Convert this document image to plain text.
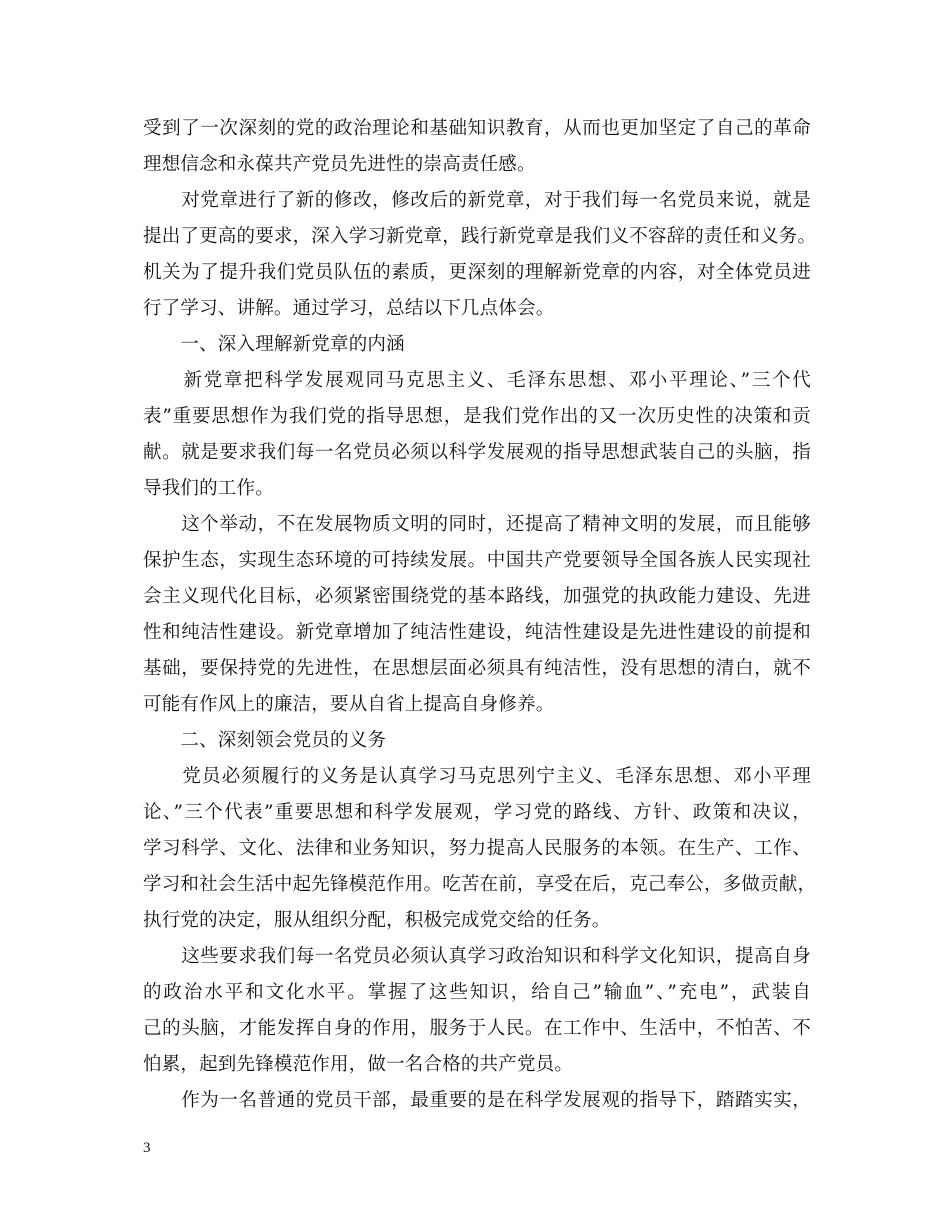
受到了一次深刻的党的政治理论和基础知识教育，从而也更加坚定了自己的革命
理想信念和永葆共产党员先进性的崇高责任感。
　　对党章进行了新的修改，修改后的新党章，对于我们每一名党员来说，就是
提出了更高的要求，深入学习新党章，践行新党章是我们义不容辞的责任和义务。
机关为了提升我们党员队伍的素质，更深刻的理解新党章的内容，对全体党员进
行了学习、讲解。通过学习，总结以下几点体会。
　　一、深入理解新党章的内涵
　　新党章把科学发展观同马克思主义、毛泽东思想、邓小平理论、”三个代
表”重要思想作为我们党的指导思想，是我们党作出的又一次历史性的决策和贡
献。就是要求我们每一名党员必须以科学发展观的指导思想武装自己的头脑，指
导我们的工作。
　　这个举动，不在发展物质文明的同时，还提高了精神文明的发展，而且能够
保护生态，实现生态环境的可持续发展。中国共产党要领导全国各族人民实现社
会主义现代化目标，必须紧密围绕党的基本路线，加强党的执政能力建设、先进
性和纯洁性建设。新党章增加了纯洁性建设，纯洁性建设是先进性建设的前提和
基础，要保持党的先进性，在思想层面必须具有纯洁性，没有思想的清白，就不
可能有作风上的廉洁，要从自省上提高自身修养。
　　二、深刻领会党员的义务
　　党员必须履行的义务是认真学习马克思列宁主义、毛泽东思想、邓小平理
论、”三个代表”重要思想和科学发展观，学习党的路线、方针、政策和决议，
学习科学、文化、法律和业务知识，努力提高人民服务的本领。在生产、工作、
学习和社会生活中起先锋模范作用。吃苦在前，享受在后，克己奉公，多做贡献，
执行党的决定，服从组织分配，积极完成党交给的任务。
　　这些要求我们每一名党员必须认真学习政治知识和科学文化知识，提高自身
的政治水平和文化水平。掌握了这些知识，给自己”输血”、”充电”，武装自
己的头脑，才能发挥自身的作用，服务于人民。在工作中、生活中，不怕苦、不
怕累，起到先锋模范作用，做一名合格的共产党员。
　　作为一名普通的党员干部，最重要的是在科学发展观的指导下，踏踏实实，
3
